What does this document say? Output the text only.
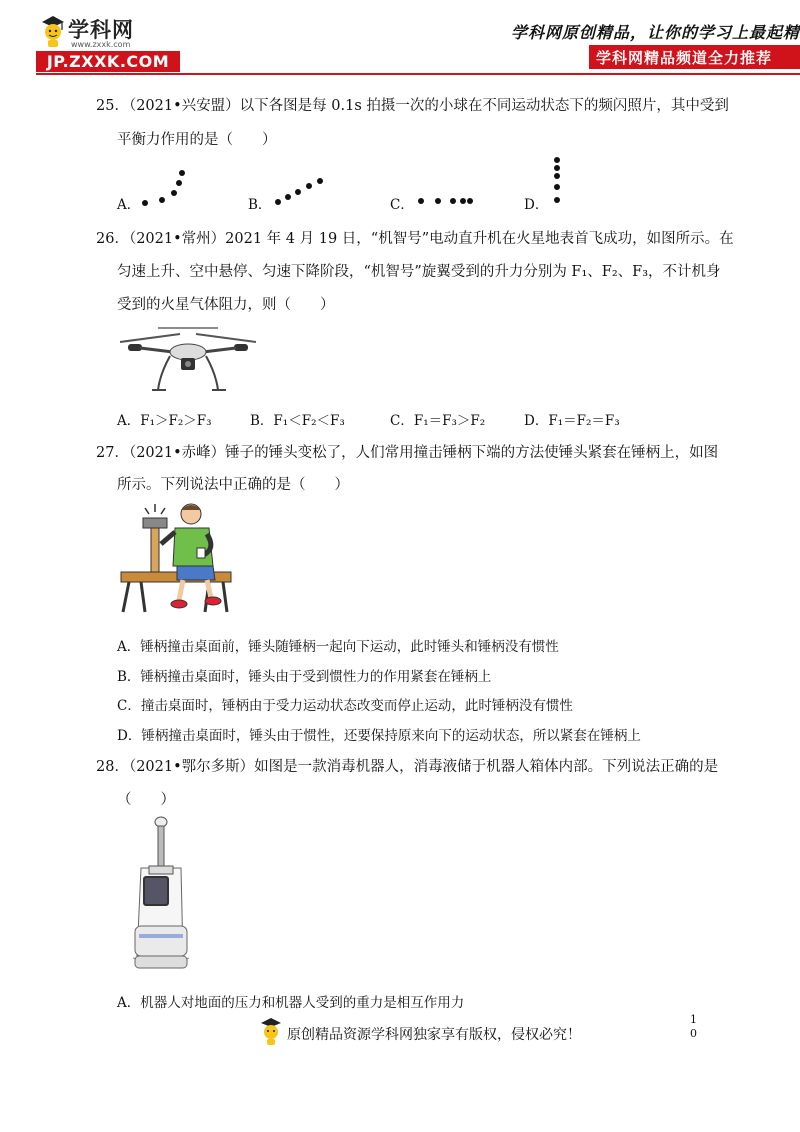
学科网
www.zxxk.com
JP.ZXXK.COM
学科网原创精品，让你的学习上最起精
学科网精品频道全力推荐
25．（2021•兴安盟）以下各图是每 0.1s 拍摄一次的小球在不同运动状态下的频闪照片，其中受到
平衡力作用的是（　　）
A．	B．	C．	D．
26．（2021•常州）2021 年 4 月 19 日，“机智号”电动直升机在火星地表首飞成功，如图所示。在
匀速上升、空中悬停、匀速下降阶段，“机智号”旋翼受到的升力分别为 F₁、F₂、F₃，不计机身
受到的火星气体阻力，则（　　）
A．F₁＞F₂＞F₃	B．F₁＜F₂＜F₃	C．F₁＝F₃＞F₂	D．F₁＝F₂＝F₃
27．（2021•赤峰）锤子的锤头变松了，人们常用撞击锤柄下端的方法使锤头紧套在锤柄上，如图
所示。下列说法中正确的是（　　）
A．锤柄撞击桌面前，锤头随锤柄一起向下运动，此时锤头和锤柄没有惯性
B．锤柄撞击桌面时，锤头由于受到惯性力的作用紧套在锤柄上
C．撞击桌面时，锤柄由于受力运动状态改变而停止运动，此时锤柄没有惯性
D．锤柄撞击桌面时，锤头由于惯性，还要保持原来向下的运动状态，所以紧套在锤柄上
28．（2021•鄂尔多斯）如图是一款消毒机器人，消毒液储于机器人箱体内部。下列说法正确的是
（　　）
A．机器人对地面的压力和机器人受到的重力是相互作用力
原创精品资源学科网独家享有版权，侵权必究！
1
0
